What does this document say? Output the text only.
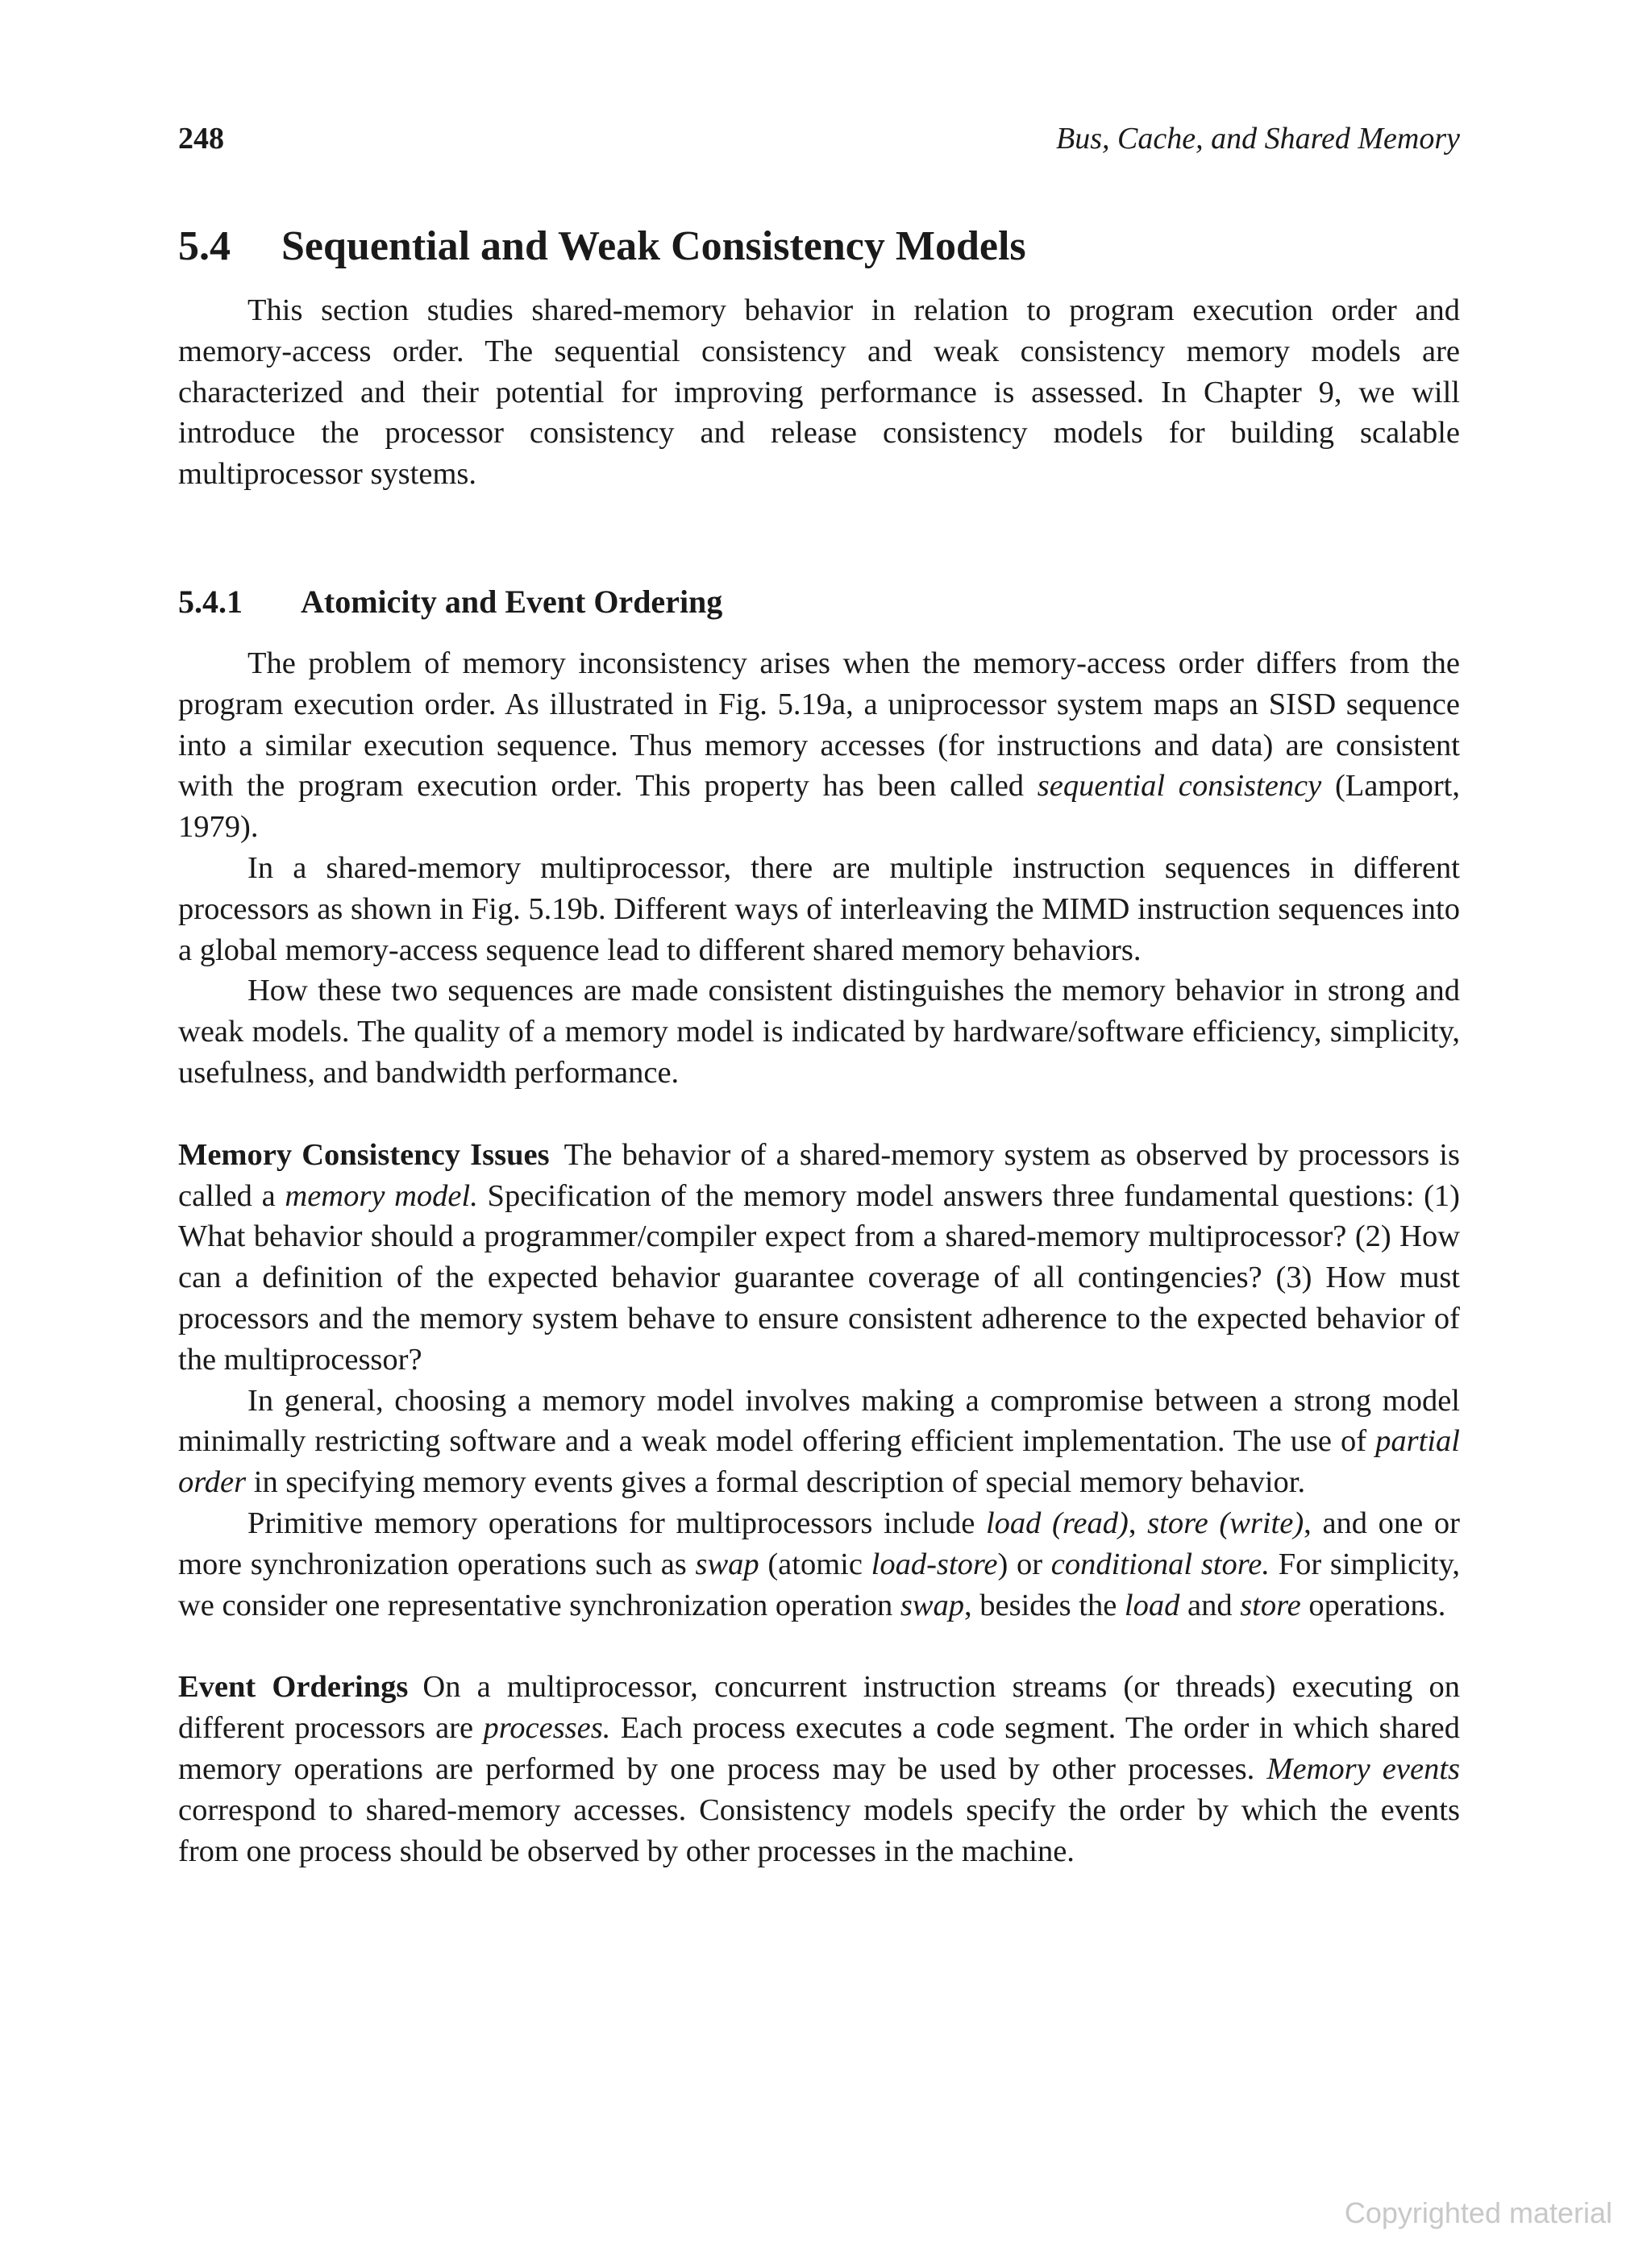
248	Bus, Cache, and Shared Memory
5.4 Sequential and Weak Consistency Models

This section studies shared-memory behavior in relation to program execution order and memory-access order. The sequential consistency and weak consistency memory models are characterized and their potential for improving performance is assessed. In Chapter 9, we will introduce the processor consistency and release consistency models for building scalable multiprocessor systems.

5.4.1 Atomicity and Event Ordering

The problem of memory inconsistency arises when the memory-access order differs from the program execution order. As illustrated in Fig. 5.19a, a uniprocessor system maps an SISD sequence into a similar execution sequence. Thus memory accesses (for instructions and data) are consistent with the program execution order. This property has been called sequential consistency (Lamport, 1979).

In a shared-memory multiprocessor, there are multiple instruction sequences in different processors as shown in Fig. 5.19b. Different ways of interleaving the MIMD instruction sequences into a global memory-access sequence lead to different shared memory behaviors.

How these two sequences are made consistent distinguishes the memory behavior in strong and weak models. The quality of a memory model is indicated by hardware/software efficiency, simplicity, usefulness, and bandwidth performance.

Memory Consistency Issues The behavior of a shared-memory system as observed by processors is called a memory model. Specification of the memory model answers three fundamental questions: (1) What behavior should a programmer/compiler expect from a shared-memory multiprocessor? (2) How can a definition of the expected behavior guarantee coverage of all contingencies? (3) How must processors and the memory system behave to ensure consistent adherence to the expected behavior of the multiprocessor?

In general, choosing a memory model involves making a compromise between a strong model minimally restricting software and a weak model offering efficient implementation. The use of partial order in specifying memory events gives a formal description of special memory behavior.

Primitive memory operations for multiprocessors include load (read), store (write), and one or more synchronization operations such as swap (atomic load-store) or conditional store. For simplicity, we consider one representative synchronization operation swap, besides the load and store operations.

Event Orderings On a multiprocessor, concurrent instruction streams (or threads) executing on different processors are processes. Each process executes a code segment. The order in which shared memory operations are performed by one process may be used by other processes. Memory events correspond to shared-memory accesses. Consistency models specify the order by which the events from one process should be observed by other processes in the machine.

Copyrighted material
